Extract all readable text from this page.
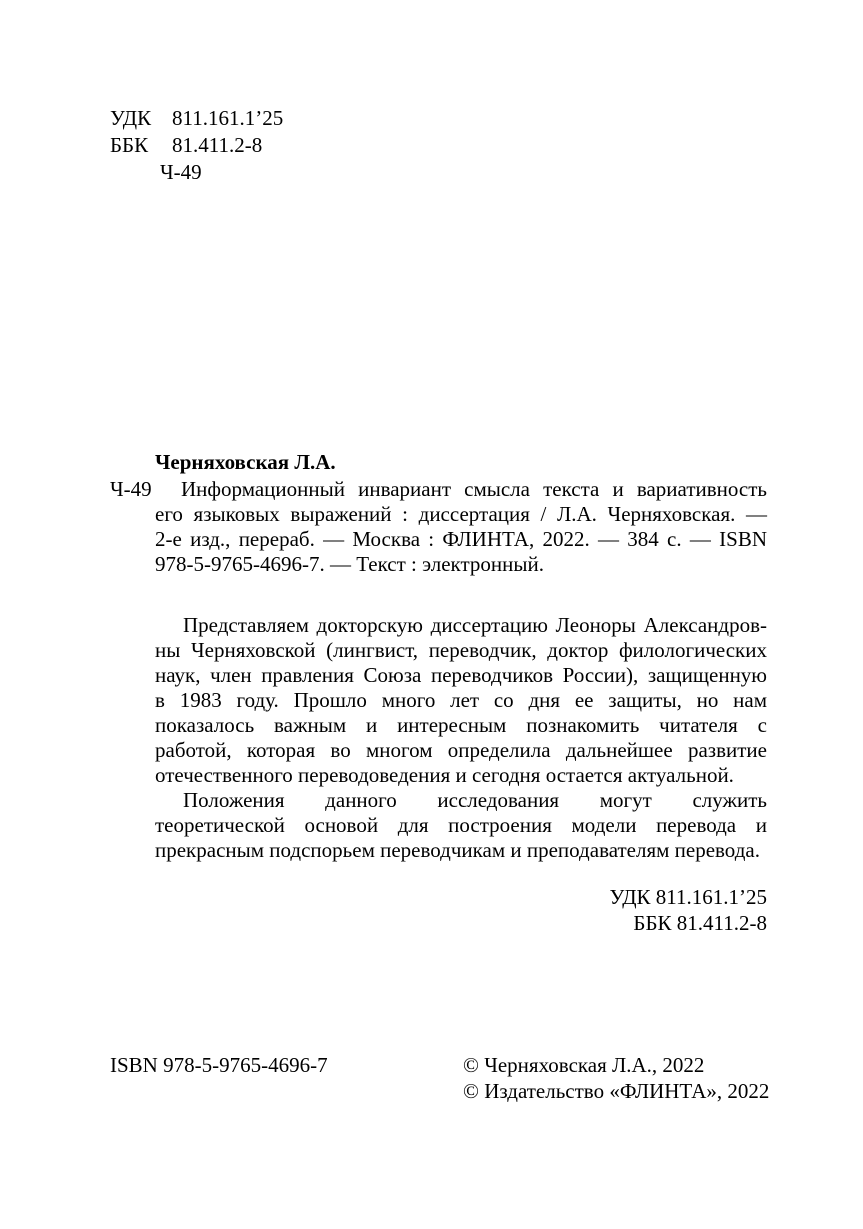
УДК 811.161.1’25
ББК 81.411.2-8
Ч-49
Черняховская Л.А.
Ч-49 Информационный инвариант смысла текста и вариативность
его языковых выражений : диссертация / Л.А. Черняховская. —
2-е изд., перераб. — Москва : ФЛИНТА, 2022. — 384 с. — ISBN
978-5-9765-4696-7. — Текст : электронный.
Представляем докторскую диссертацию Леоноры Александров-
ны Черняховской (лингвист, переводчик, доктор филологических
наук, член правления Союза переводчиков России), защищенную
в 1983 году. Прошло много лет со дня ее защиты, но нам
показалось важным и интересным познакомить читателя с
работой, которая во многом определила дальнейшее развитие
отечественного переводоведения и сегодня остается актуальной.
Положения данного исследования могут служить
теоретической основой для построения модели перевода и
прекрасным подспорьем переводчикам и преподавателям перевода.
УДК 811.161.1’25
ББК 81.411.2-8
ISBN 978-5-9765-4696-7	© Черняховская Л.А., 2022
© Издательство «ФЛИНТА», 2022
